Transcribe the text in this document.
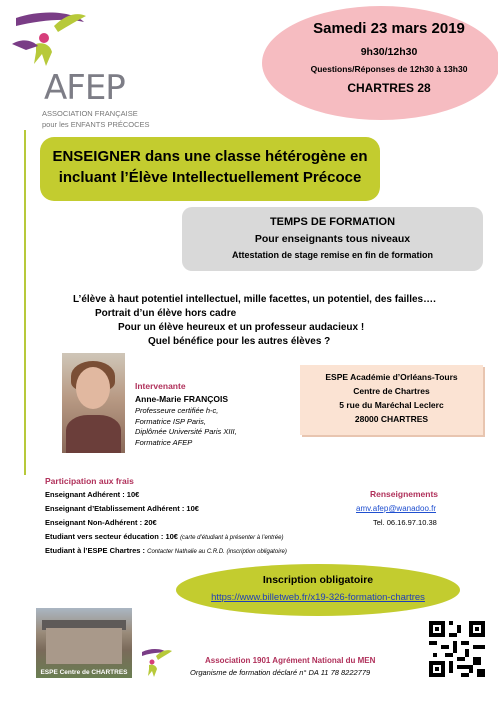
AFEP
ASSOCIATION FRANÇAISE
pour les ENFANTS PRÉCOCES
Samedi 23 mars 2019
9h30/12h30
Questions/Réponses de 12h30 à 13h30
CHARTRES 28
ENSEIGNER dans une classe hétérogène en
incluant l’Élève Intellectuellement Précoce
TEMPS DE FORMATION
Pour enseignants tous niveaux
Attestation de stage remise en fin de formation
L’élève à haut potentiel intellectuel, mille facettes, un potentiel, des failles….
Portrait d’un élève hors cadre
Pour un élève heureux et un professeur audacieux !
Quel bénéfice pour les autres élèves ?
Intervenante
Anne-Marie FRANÇOIS
Professeure certifiée h-c,
Formatrice ISP Paris,
Diplômée Université Paris XIII,
Formatrice AFEP
ESPE Académie d’Orléans-Tours
Centre de Chartres
5 rue du Maréchal Leclerc
28000 CHARTRES
Participation aux frais
Enseignant Adhérent : 10€
Enseignant d’Etablissement Adhérent : 10€
Enseignant Non-Adhérent : 20€
Etudiant vers secteur éducation : 10€ (carte d’étudiant à présenter à l’entrée)
Etudiant à l’ESPE Chartres : Contacter Nathalie au C.R.D. (inscription obligatoire)
Renseignements
amv.afep@wanadoo.fr
Tel. 06.16.97.10.38
Inscription obligatoire
https://www.billetweb.fr/x19-326-formation-chartres
ESPE Centre de CHARTRES
Association 1901 Agrément National du MEN
Organisme de formation déclaré n° DA 11 78 8222779
